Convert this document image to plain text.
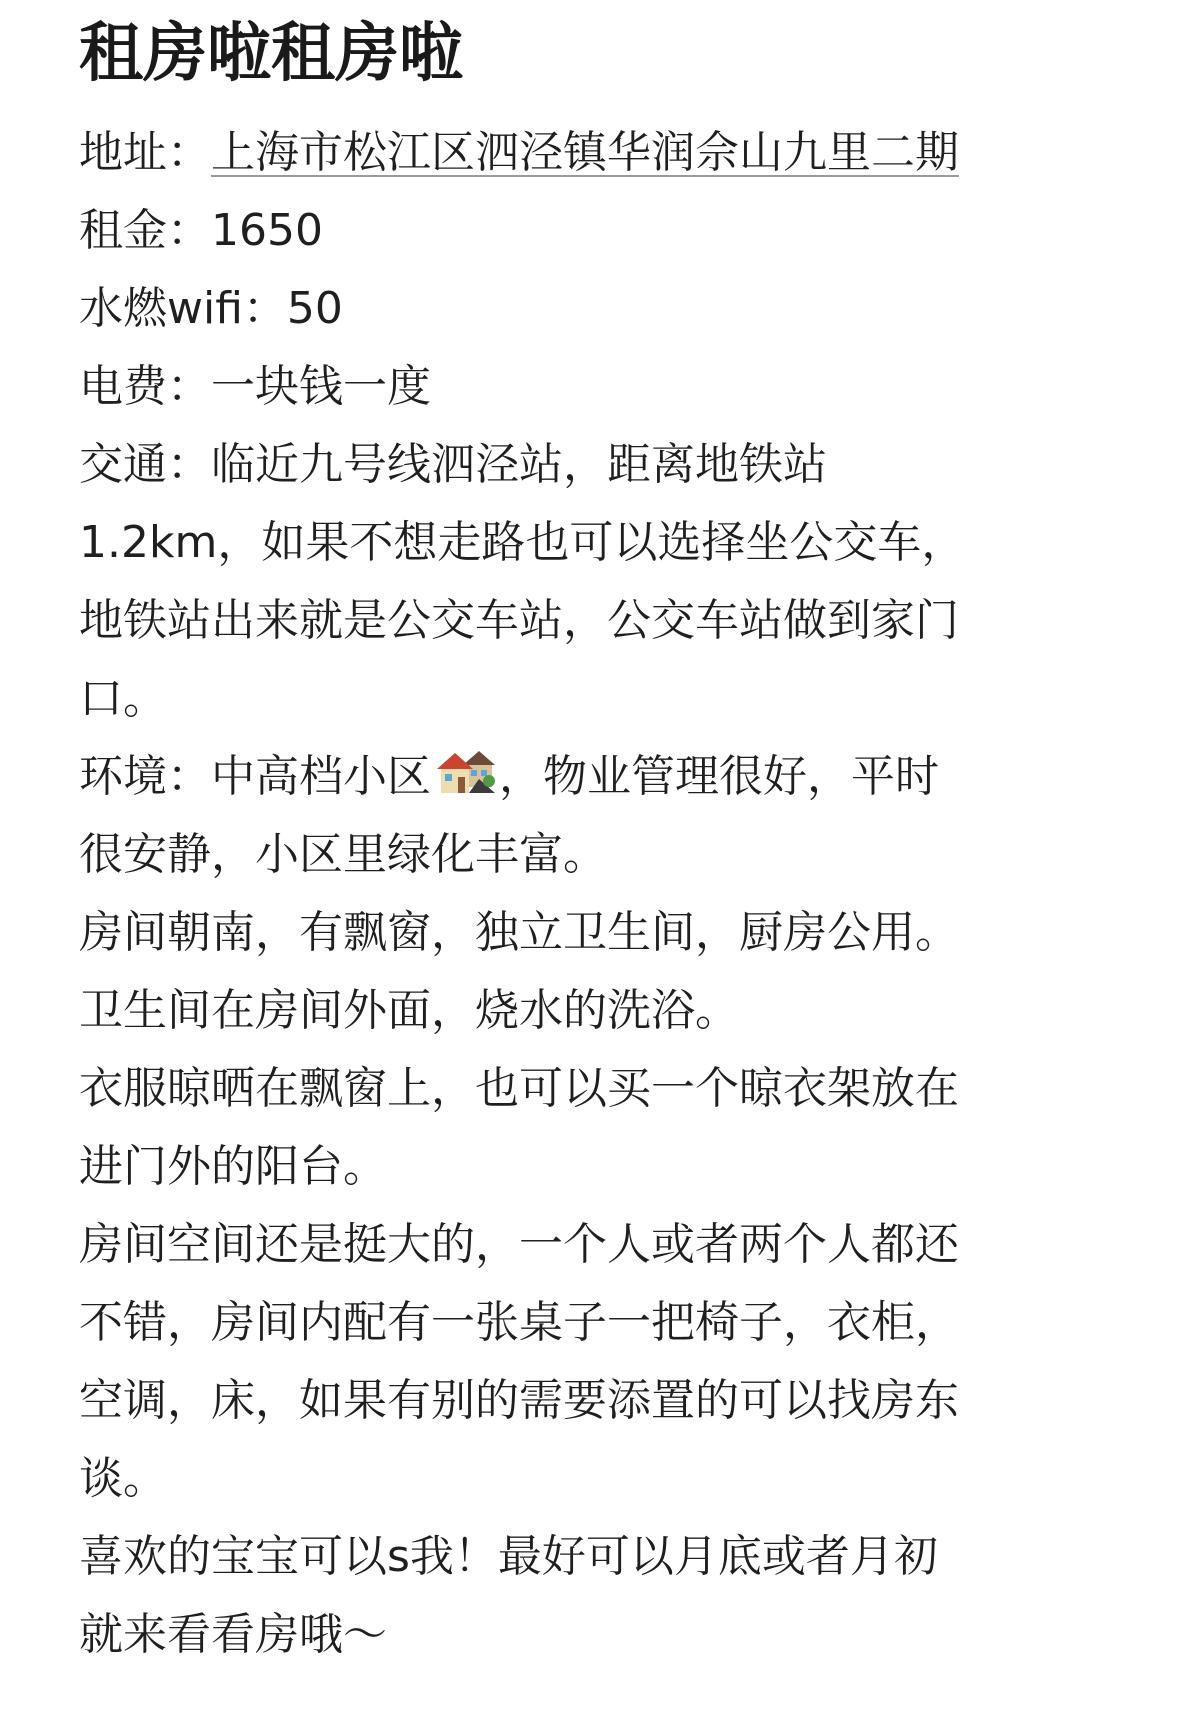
租房啦租房啦
地址：上海市松江区泗泾镇华润佘山九里二期
租金：1650
水燃wifi：50
电费：一块钱一度
交通：临近九号线泗泾站，距离地铁站
1.2km，如果不想走路也可以选择坐公交车，
地铁站出来就是公交车站，公交车站做到家门
口。
环境：中高档小区 ，物业管理很好，平时
很安静，小区里绿化丰富。
房间朝南，有飘窗，独立卫生间，厨房公用。
卫生间在房间外面，烧水的洗浴。
衣服晾晒在飘窗上，也可以买一个晾衣架放在
进门外的阳台。
房间空间还是挺大的，一个人或者两个人都还
不错，房间内配有一张桌子一把椅子，衣柜，
空调，床，如果有别的需要添置的可以找房东
谈。
喜欢的宝宝可以s我！最好可以月底或者月初
就来看看房哦～
